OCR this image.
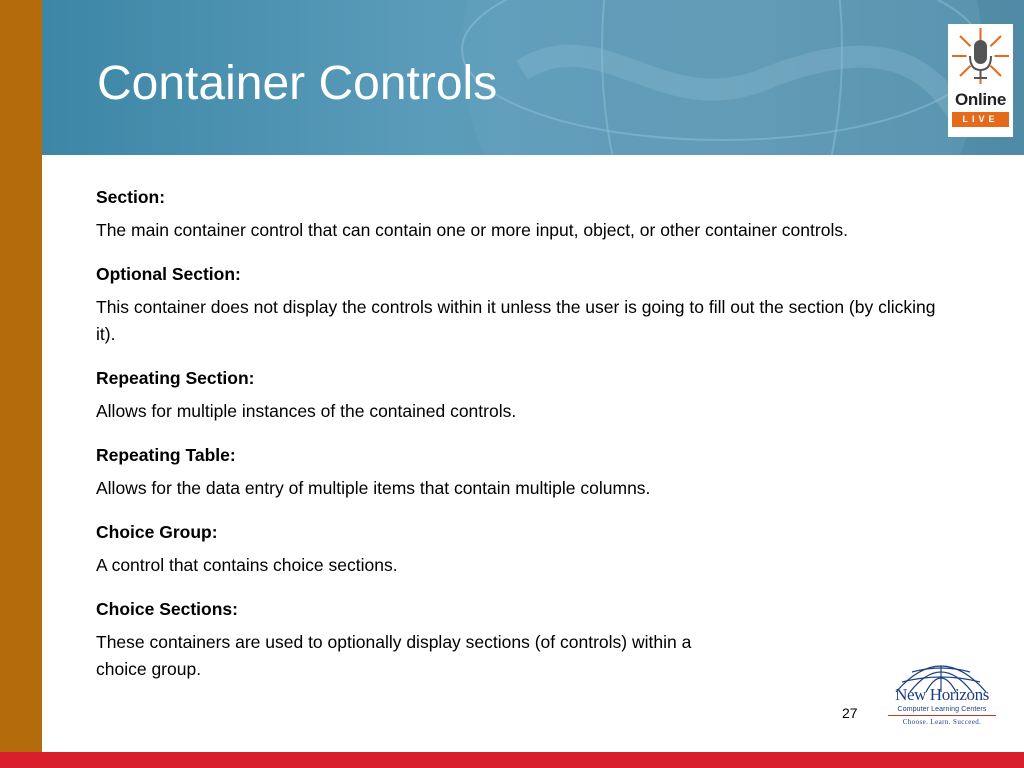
Container Controls	Online
LIVE
Section:
The main container control that can contain one or more input, object, or other container controls.
Optional Section:
This container does not display the controls within it unless the user is going to fill out the section (by clicking it).
Repeating Section:
Allows for multiple instances of the contained controls.
Repeating Table:
Allows for the data entry of multiple items that contain multiple columns.
Choice Group:
A control that contains choice sections.
Choice Sections:
These containers are used to optionally display sections (of controls) within a choice group.
27
New Horizons
Computer Learning Centers
Choose. Learn. Succeed.
